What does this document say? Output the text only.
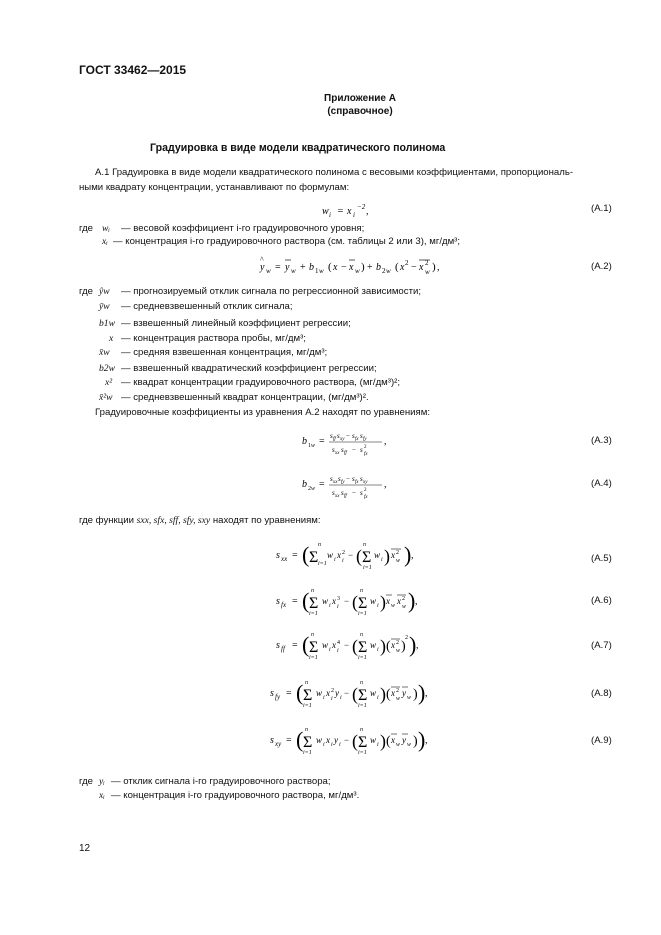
ГОСТ 33462—2015
Приложение А
(справочное)
Градуировка в виде модели квадратического полинома
А.1 Градуировка в виде модели квадратического полинома с весовыми коэффициентами, пропорциональ-
ными квадрату концентрации, устанавливают по формулам:
w i = x i
−2 ,	(А.1)
где wᵢ — весовой коэффициент i-го градуировочного уровня;
xᵢ — концентрация i-го градуировочного раствора (см. таблицы 2 или 3), мг/дм³;
y
^
w = y w + b 1 w ( x − x w ) + b 2 w ( x 2 − x 2
w ) ,	(А.2)
где ŷw — прогнозируемый отклик сигнала по регрессионной зависимости;
ȳw — средневзвешенный отклик сигнала;
b1w — взвешенный линейный коэффициент регрессии;
x — концентрация раствора пробы, мг/дм³;
x̄w — средняя взвешенная концентрация, мг/дм³;
b2w — взвешенный квадратический коэффициент регрессии;
x² — квадрат концентрации градуировочного раствора, (мг/дм³)²;
x̄²w — средневзвешенный квадрат концентрации, (мг/дм³)².
Градуировочные коэффициенты из уравнения А.2 находят по уравнениям:
b 1 w = s ff s xy − s fx s fy
s xx s ff − s 2
fx
,	(А.3)
b 2 w = s xx s fy − s fx s xy
s xx s ff − s 2
fx
,	(А.4)
где функции sxx, sfx, sff, sfy, sxy находят по уравнениям:
s xx = ( Σ
n
i=1
w i x 2
i
− ( Σ
n
i=1
w i ) x 2
w ) ,	(А.5)
s fx = ( Σ
n
i=1
w i x 3
i
− ( Σ
n
i=1
w i ) x w x 2
w ) ,	(А.6)
s ff = ( Σ
n
i=1
w i x 4
i
− ( Σ
n
i=1
w i ) ( x 2
w )
2 ) ,	(А.7)
s fy = ( Σ
n
i=1
w i x 2
i
y i − ( Σ
n
i=1
w i ) ( x 2
w
y w ) ) ,	(А.8)
s xy = ( Σ
n
i=1
w i x i y i − ( Σ
n
i=1
w i ) ( x w y w ) ) ,	(А.9)
где yᵢ — отклик сигнала i-го градуировочного раствора;
xᵢ — концентрация i-го градуировочного раствора, мг/дм³.
12
